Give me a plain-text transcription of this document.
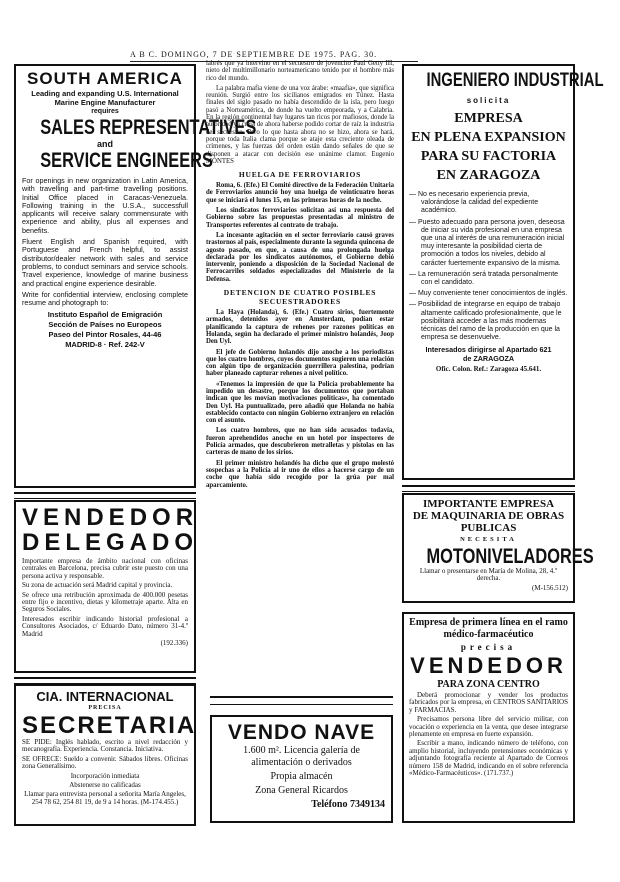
A B C. DOMINGO, 7 DE SEPTIEMBRE DE 1975. PAG. 30.
SOUTH AMERICA
Leading and expanding U.S. International Marine Engine Manufacturer
requires
SALES REPRESENTATIVES
and
SERVICE ENGINEERS

For openings in new organization in Latin America, with travelling and part-time travelling positions. Initial Office placed in Caracas-Venezuela. Following training in the U.S.A., successfull applicants will receive salary commensurate with experience and ability, plus all expenses and benefits.

Fluent English and Spanish required, with Portuguese and French helpful, to assist distributor/dealer network with sales and service problems, to conduct seminars and service schools. Travel experience, knowledge of marine business and practical engine experience desirable.

Write for confidential interview, enclosing complete resume and photograph to:

Instituto Español de Emigración
Sección de Países no Europeos
Paseo del Pintor Rosales, 44-46
MADRID-8 · Ref. 242-V
VENDEDOR
DELEGADO

Importante empresa de ámbito nacional con oficinas centrales en Barcelona, precisa cubrir este puesto con una persona activa y responsable.

Su zona de actuación será Madrid capital y provincia.

Se ofrece una retribución aproximada de 400.000 pesetas entre fijo e incentivo, dietas y kilometraje aparte. Alta en Seguros Sociales.

Interesados escribir indicando historial profesional a Consultores Asociados, c/ Eduardo Dato, número 31-4.º Madrid

(192.336)

CIA. INTERNACIONAL
PRECISA
SECRETARIA

SE PIDE: Inglés hablado, escrito a nivel redacción y mecanografía. Experiencia. Constancia. Iniciativa.

SE OFRECE: Sueldo a convenir. Sábados libres. Oficinas zona Generalísimo.

Incorporación inmediata

Abstenerse no calificadas

Llamar para entrevista personal a señorita María Angeles, 254 78 62, 254 81 19, de 9 a 14 horas. (M-174.455.)

labrés que ya intervino en el secuestro de jovencito Paul Getty III, nieto del multimillonario norteamericano tenido por el hombre más rico del mundo.

La palabra mafia viene de una voz árabe: «maafia», que significa reunión. Surgió entre los sicilianos emigrados en Túnez. Hasta finales del siglo pasado no había descendido de la isla, pero luego pasó a Norteamérica, de donde ha vuelto empeorada, y a Calabria. En la región continental hay lugares tan ricos por mafiosos, donde la autoridad ya creía de ahora haberse podido cortar de raíz la industria del secuestro. Pero lo que hasta ahora no se hizo, ahora se hará, porque toda Italia clama porque se ataje esta creciente oleada de crímenes, y las fuerzas del orden están dando señales de que se disponen a atacar con decisión ese unánime clamor. Eugenio MONTES

HUELGA DE FERROVIARIOS

Roma, 6. (Efe.) El Comité directivo de la Federación Unitaria de Ferroviarios anunció hoy una huelga de veinticuatro horas que se iniciará el lunes 15, en las primeras horas de la noche.

Los sindicatos ferroviarios solicitan así una respuesta del Gobierno sobre las propuestas presentadas al ministro de Transportes referentes al contrato de trabajo.

La incesante agitación en el sector ferroviario causó graves trastornos al país, especialmente durante la segunda quincena de agosto pasado, en que, a causa de una prolongada huelga declarada por los sindicatos autónomos, el Gobierno debió intervenir, poniendo a disposición de la Sociedad Nacional de Ferrocarriles soldados especializados del Ministerio de la Defensa.

DETENCION DE CUATRO POSIBLES SECUESTRADORES

La Haya (Holanda), 6. (Efe.) Cuatro sirios, fuertemente armados, detenidos ayer en Amsterdam, podían estar planificando la captura de rehenes por razones políticas en Holanda, según ha declarado el primer ministro holandés, Joop Den Uyl.

El jefe de Gobierno holandés dijo anoche a los periodistas que los cuatro hombres, cuyos documentos sugieren una relación con algún tipo de organización guerrillera palestina, podrían haber planeado capturar rehenes a nivel político.

«Tenemos la impresión de que la Policía probablemente ha impedido un desastre, porque los documentos que portaban indican que les movían motivaciones políticas», ha comentado Den Uyl. Ha puntualizado, pero añadió que Holanda no había establecido contacto con ningún Gobierno extranjero en relación con el asunto.

Los cuatro hombres, que no han sido acusados todavía, fueron aprehendidos anoche en un hotel por inspectores de Policía armados, que descubrieron metralletas y pistolas en las carteras de mano de los sirios.

El primer ministro holandés ha dicho que el grupo molestó sospechas a la Policía al ir uno de ellos a hacerse cargo de un coche que había sido recogido por la grúa por mal aparcamiento.

VENDO NAVE
1.600 m². Licencia galería de alimentación o derivados
Propia almacén
Zona General Ricardos
Teléfono 7349134
INGENIERO INDUSTRIAL
solicita
EMPRESA
EN PLENA EXPANSION
PARA SU FACTORIA
EN ZARAGOZA

— No es necesario experiencia previa, valorándose la calidad del expediente académico.

— Puesto adecuado para persona joven, deseosa de iniciar su vida profesional en una empresa que una al interés de una remuneración inicial muy interesante la posibilidad cierta de promoción a todos los niveles, debido al carácter fuertemente expansivo de la misma.

— La remuneración será tratada personalmente con el candidato.

— Muy conveniente tener conocimientos de inglés.

— Posibilidad de integrarse en equipo de trabajo altamente calificado profesionalmente, que le posibilitará acceder a las más modernas técnicas del ramo de la producción en que la empresa se desenvuelve.

Interesados dirigirse al Apartado 621
de ZARAGOZA
Ofic. Colon. Ref.: Zaragoza 45.641.
IMPORTANTE EMPRESA
DE MAQUINARIA DE OBRAS
PUBLICAS
NECESITA
MOTONIVELADORES

Llamar o presentarse en María de Molina, 28, 4.º derecha.

(M-156.512)

Empresa de primera línea en el ramo médico-farmacéutico
precisa
VENDEDOR
PARA ZONA CENTRO

Deberá promocionar y vender los productos fabricados por la empresa, en CENTROS SANITARIOS y FARMACIAS.

Precisamos persona libre del servicio militar, con vocación o experiencia en la venta, que desee integrarse plenamente en empresa en fuerte expansión.

Escribir a mano, indicando número de teléfono, con amplio historial, incluyendo pretensiones económicas y adjuntando fotografía reciente al Apartado de Correos número 158 de Madrid, indicando en el sobre referencia «Médico-Farmacéuticos». (171.737.)
